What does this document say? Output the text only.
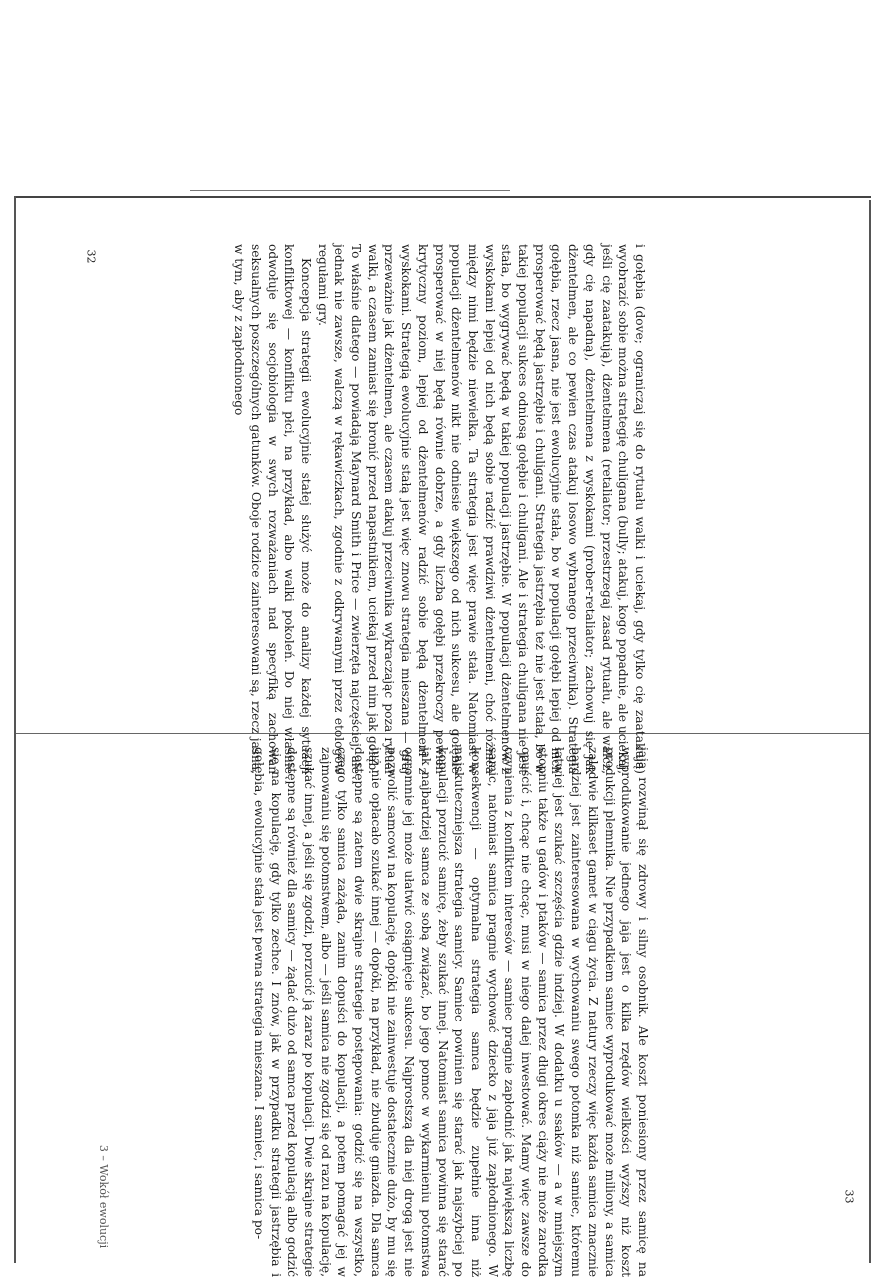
i gołębia (dove; ograniczaj się do rytuału walki i uciekaj, gdy tylko cię zaatakują) wyobrazić sobie można strategię chuligana (bully; atakuj, kogo popadnie, ale uciekaj, jeśli cię zaatakują), dżentelmena (retaliator; przestrzegaj zasad rytuału, ale walcz, gdy cię napadną), dżentelmena z wyskokami (prober-retaliator; zachowuj się jak dżentelmen, ale co pewien czas atakuj losowo wybranego przeciwnika). Strategia gołębia, rzecz jasna, nie jest ewolucyjnie stała, bo w populacji gołębi lepiej od nich prosperować będą jastrzębie i chuligani. Strategia jastrzębia też nie jest stała, bo w takiej populacji sukces odniosą gołębie i chuligani. Ale i strategia chuligana nie jest stała, bo wygrywać będą w takiej populacji jastrzębie. W populacji dżentelmenów z wyskokami lepiej od nich będą sobie radzić prawdziwi dżentelmeni, choć różnica między nimi będzie niewielka. Ta strategia jest więc prawie stała. Natomiast w populacji dżentelmenów nikt nie odniesie większego od nich sukcesu, ale gołębie prosperować w niej będą równie dobrze, a gdy liczba gołębi przekroczy pewien krytyczny poziom, lepiej od dżentelmenów radzić sobie będą dżentelmeni z wyskokami. Strategią ewolucyjnie stałą jest więc znowu strategia mieszana — graj przeważnie jak dżentelmen, ale czasem atakuj przeciwnika wykraczając poza rytuał walki, a czasem zamiast się bronić przed napastnikiem, uciekaj przed nim jak gołąb. To właśnie dlatego — powiadają Maynard Smith i Price — zwierzęta najczęściej, ale jednak nie zawsze, walczą w rękawiczkach, zgodnie z odkrywanymi przez etologów regułami gry.

Koncepcja strategii ewolucyjnie stałej służyć może do analizy każdej sytuacji konfliktowej — konfliktu płci, na przykład, albo walki pokoleń. Do niej właśnie odwołuje się socjobiologia w swych rozważaniach nad specyfiką zachowań seksualnych poszczególnych gatunków. Oboje rodzice zainteresowani są, rzecz jasna, w tym, aby z zapłodnionego

jaja rozwinął się zdrowy i silny osobnik. Ale koszt poniesiony przez samicę na wyprodukowanie jednego jaja jest o kilka rzędów wielkości wyższy niż koszt produkcji plemnika. Nie przypadkiem samiec wyprodukować może miliony, a samica zaledwie kilkaset gamet w ciągu życia. Z natury rzeczy więc każda samica znacznie bardziej jest zainteresowana w wychowaniu swego potomka niż samiec, któremu łatwiej jest szukać szczęścia gdzie indziej. W dodatku u ssaków — a w mniejszym stopniu także u gadów i ptaków — samica przez długi okres ciąży nie może zarodka opuścić i, chcąc nie chcąc, musi w niego dalej inwestować. Mamy więc zawsze do czynienia z konfliktem interesów — samiec pragnie zapłodnić jak największą liczbę samic, natomiast samica pragnie wychować dziecko z jaja już zapłodnionego. W konsekwencji — optymalna strategia samca będzie zupełnie inna niż najskuteczniejsza strategia samicy. Samiec powinien się starać jak najszybciej po kopulacji porzucić samicę, żeby szukać innej. Natomiast samica powinna się starać jak najbardziej samca ze sobą związać, bo jego pomoc w wykarmieniu potomstwa ogromnie jej może ułatwić osiągnięcie sukcesu. Najprostszą dla niej drogą jest nie pozwolić samcowi na kopulację, dopóki nie zainwestuje dostatecznie dużo, by mu się już nie opłacało szukać innej — dopóki, na przykład, nie zbuduje gniazda. Dla samca dostępne są zatem dwie skrajne strategie postępowania: godzić się na wszystko, czego tylko samica zażąda, zanim dopuści do kopulacji, a potem pomagać jej w zajmowaniu się potomstwem, albo — jeśli samica nie zgodzi się od razu na kopulację, szukać innej, a jeśli się zgodzi, porzucić ją zaraz po kopulacji. Dwie skrajne strategie dostępne są również dla samicy — żądać dużo od samca przed kopulacją albo godzić się na kopulację, gdy tylko zechce. I znów, jak w przypadku strategii jastrzębia i gołębia, ewolucyjnie stała jest pewna strategia mieszana. I samiec, i samica po-

32
33
3 – Wokół ewolucji
